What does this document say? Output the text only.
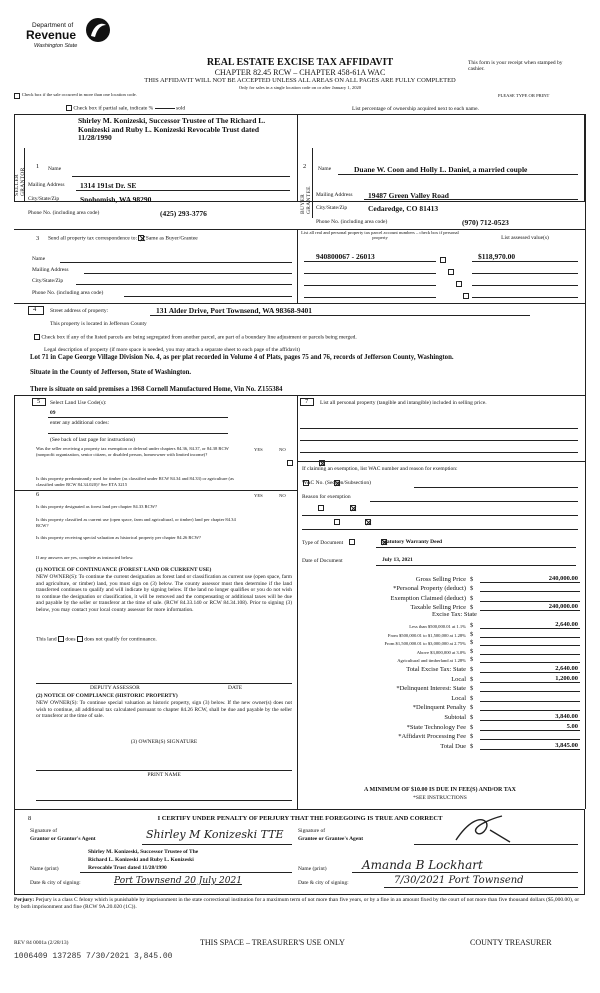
Department of
Revenue
Washington State
REAL ESTATE EXCISE TAX AFFIDAVIT
CHAPTER 82.45 RCW – CHAPTER 458-61A WAC
THIS AFFIDAVIT WILL NOT BE ACCEPTED UNLESS ALL AREAS ON ALL PAGES ARE FULLY COMPLETED
Only for sales in a single location code on or after January 1, 2020
This form is your receipt when stamped by cashier.
PLEASE TYPE OR PRINT
Check box if the sale occurred in more than one location code.
Check box if partial sale, indicate %	sold	List percentage of ownership acquired next to each name.
1
SELLER GRANTOR	Name
Shirley M. Konizeski, Successor Trustee of The Richard L. Konizeski and Ruby L. Konizeski Revocable Trust dated 11/28/1990
Mailing Address 1314 191st Dr. SE
City/State/Zip	Snohomish, WA 98290
Phone No. (including area code)	(425) 293-3776
2
BUYER GRANTEE
Name	Duane W. Coon and Holly L. Daniel, a married couple
Mailing Address 19487 Green Valley Road
City/State/Zip	Cedaredge, CO 81413
Phone No. (including area code)	(970) 712-0523
3 Send all property tax correspondence to: Same as Buyer/Grantee
Name
Mailing Address
City/State/Zip
Phone No. (including area code)
List all real and personal property tax parcel account numbers – check box if personal property	List assessed value(s)
940800067 - 26013
	$118,970.00

4	Street address of property:	131 Alder Drive, Port Townsend, WA 98368-9401
This property is located in Jefferson County
Check box if any of the listed parcels are being segregated from another parcel, are part of a boundary line adjustment or parcels being merged.
Legal description of property (if more space is needed, you may attach a separate sheet to each page of the affidavit)
Lot 71 in Cape George Village Division No. 4, as per plat recorded in Volume 4 of Plats, pages 75 and 76, records of Jefferson County, Washington.
Situate in the County of Jefferson, State of Washington.
There is situate on said premises a 1968 Cornell Manufactured Home, Vin No. Z155384
5 Select Land Use Code(s):
09
enter any additional codes:
(See back of last page for instructions)
YES	NO
Was the seller receiving a property tax exemption or deferral under chapters 84.36, 84.37, or 84.38 RCW (nonprofit organization, senior citizen, or disabled person, homeowner with limited income)?

Is this property predominantly used for timber (as classified under RCW 84.34 and 84.33) or agriculture (as classified under RCW 84.34.020)? See ETA 3215

7 List all personal property (tangible and intangible) included in selling price.
6	YES	NO
Is this property designated as forest land per chapter 84.33 RCW?

Is this property classified as current use (open space, farm and agricultural, or timber) land per chapter 84.34 RCW?

Is this property receiving special valuation as historical property per chapter 84.26 RCW?

If any answers are yes, complete as instructed below.
(1) NOTICE OF CONTINUANCE (FOREST LAND OR CURRENT USE)
NEW OWNER(S): To continue the current designation as forest land or classification as current use (open space, farm and agriculture, or timber) land, you must sign on (3) below. The county assessor must then determine if the land transferred continues to qualify and will indicate by signing below. If the land no longer qualifies or you do not wish to continue the designation or classification, it will be removed and the compensating or additional taxes will be due and payable by the seller or transferor at the time of sale. (RCW 84.33.140 or RCW 84.34.108). Prior to signing (3) below, you may contact your local county assessor for more information.
This land does does not qualify for continuance.
DEPUTY ASSESSOR	DATE
(2) NOTICE OF COMPLIANCE (HISTORIC PROPERTY)
NEW OWNER(S): To continue special valuation as historic property, sign (3) below. If the new owner(s) does not wish to continue, all additional tax calculated pursuant to chapter 84.26 RCW, shall be due and payable by the seller or transferor at the time of sale.
(3) OWNER(S) SIGNATURE
PRINT NAME
If claiming an exemption, list WAC number and reason for exemption:
WAC No. (Section/Subsection)
Reason for exemption
Type of Document	Statutory Warranty Deed
Date of Document	July 13, 2021
Gross Selling Price $	240,000.00
*Personal Property (deduct) $
Exemption Claimed (deduct) $
Taxable Selling Price $	240,000.00
Excise Tax: State
Less than $500,000.01 at 1.1% $	2,640.00
From $500,000.01 to $1,500,000 at 1.28% $
From $1,500,000.01 to $3,000,000 at 2.75% $
Above $3,000,000 at 3.0% $
Agricultural and timberland at 1.28% $
Total Excise Tax: State $	2,640.00
Local $	1,200.00
*Delinquent Interest: State $
Local $
*Delinquent Penalty $
Subtotal $	3,840.00
*State Technology Fee $	5.00
*Affidavit Processing Fee $
Total Due $	3,845.00
A MINIMUM OF $10.00 IS DUE IN FEE(S) AND/OR TAX
*SEE INSTRUCTIONS
8	I CERTIFY UNDER PENALTY OF PERJURY THAT THE FOREGOING IS TRUE AND CORRECT
Signature of
Grantor or Grantor's Agent	Shirley M Konizeski TTE
Shirley M. Konizeski, Successor Trustee of The
Richard L. Konizeski and Ruby L. Konizeski
Name (print)	Revocable Trust dated 11/28/1990
Date & city of signing:	Port Townsend 20 July 2021
Signature of
Grantee or Grantee's Agent
Name (print)	Amanda B Lockhart
Date & city of signing:	7/30/2021 Port Townsend
Perjury: Perjury is a class C felony which is punishable by imprisonment in the state correctional institution for a maximum term of not more than five years, or by a fine in an amount fixed by the court of not more than five thousand dollars ($5,000.00), or by both imprisonment and fine (RCW 9A.20.020 (1C)).
REV 84 0001a (2/28/13)	THIS SPACE – TREASURER'S USE ONLY	COUNTY TREASURER
1006409 137285 7/30/2021 3,845.00
